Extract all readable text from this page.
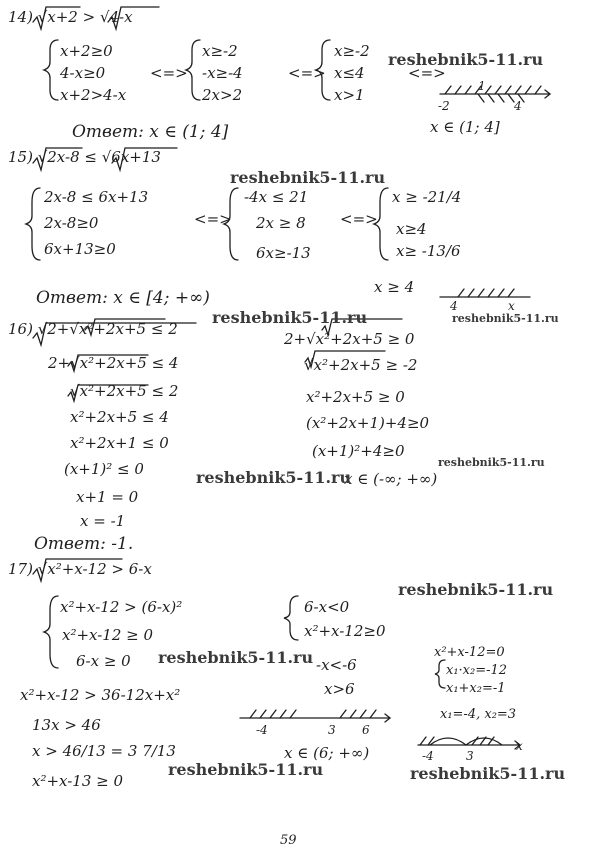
14) √x+2 > √4-x
x+2≥0
4-x≥0
x+2>4-x
<=>
x≥-2
-x≥-4
2x>2
<=>
x≥-2
x≤4
x>1
<=>
-2
1
4
x ∈ (1; 4]
Ответ: x ∈ (1; 4]
15) √2x-8 ≤ √6x+13
2x-8 ≤ 6x+13
2x-8≥0
6x+13≥0
<=>
-4x ≤ 21
2x ≥ 8
6x≥-13
<=>
x ≥ -21/4
x≥4
x≥ -13/6
x ≥ 4
4	x
Ответ: x ∈ [4; +∞)
16) √2+√x²+2x+5 ≤ 2
2+√x²+2x+5 ≤ 4
√x²+2x+5 ≤ 2
x²+2x+5 ≤ 4
x²+2x+1 ≤ 0
(x+1)² ≤ 0
x+1 = 0
x = -1
2+√x²+2x+5 ≥ 0
√x²+2x+5 ≥ -2
x²+2x+5 ≥ 0
(x²+2x+1)+4≥0
(x+1)²+4≥0
x ∈ (-∞; +∞)
Ответ: -1.
17) √x²+x-12 > 6-x
x²+x-12 > (6-x)²
x²+x-12 ≥ 0
6-x ≥ 0
6-x<0
x²+x-12≥0
-x<-6
x>6
x²+x-12=0
x₁·x₂=-12
x₁+x₂=-1
x₁=-4, x₂=3
x²+x-12 > 36-12x+x²
13x > 46
x > 46/13 = 3 7/13
x²+x-13 ≥ 0
-4	3 6
x ∈ (6; +∞)	-4	3
x
reshebnik5-11.ru
reshebnik5-11.ru
reshebnik5-11.ru	reshebnik5-11.ru
reshebnik5-11.ru
reshebnik5-11.ru
reshebnik5-11.ru
reshebnik5-11.ru
reshebnik5-11.ru	reshebnik5-11.ru
59
